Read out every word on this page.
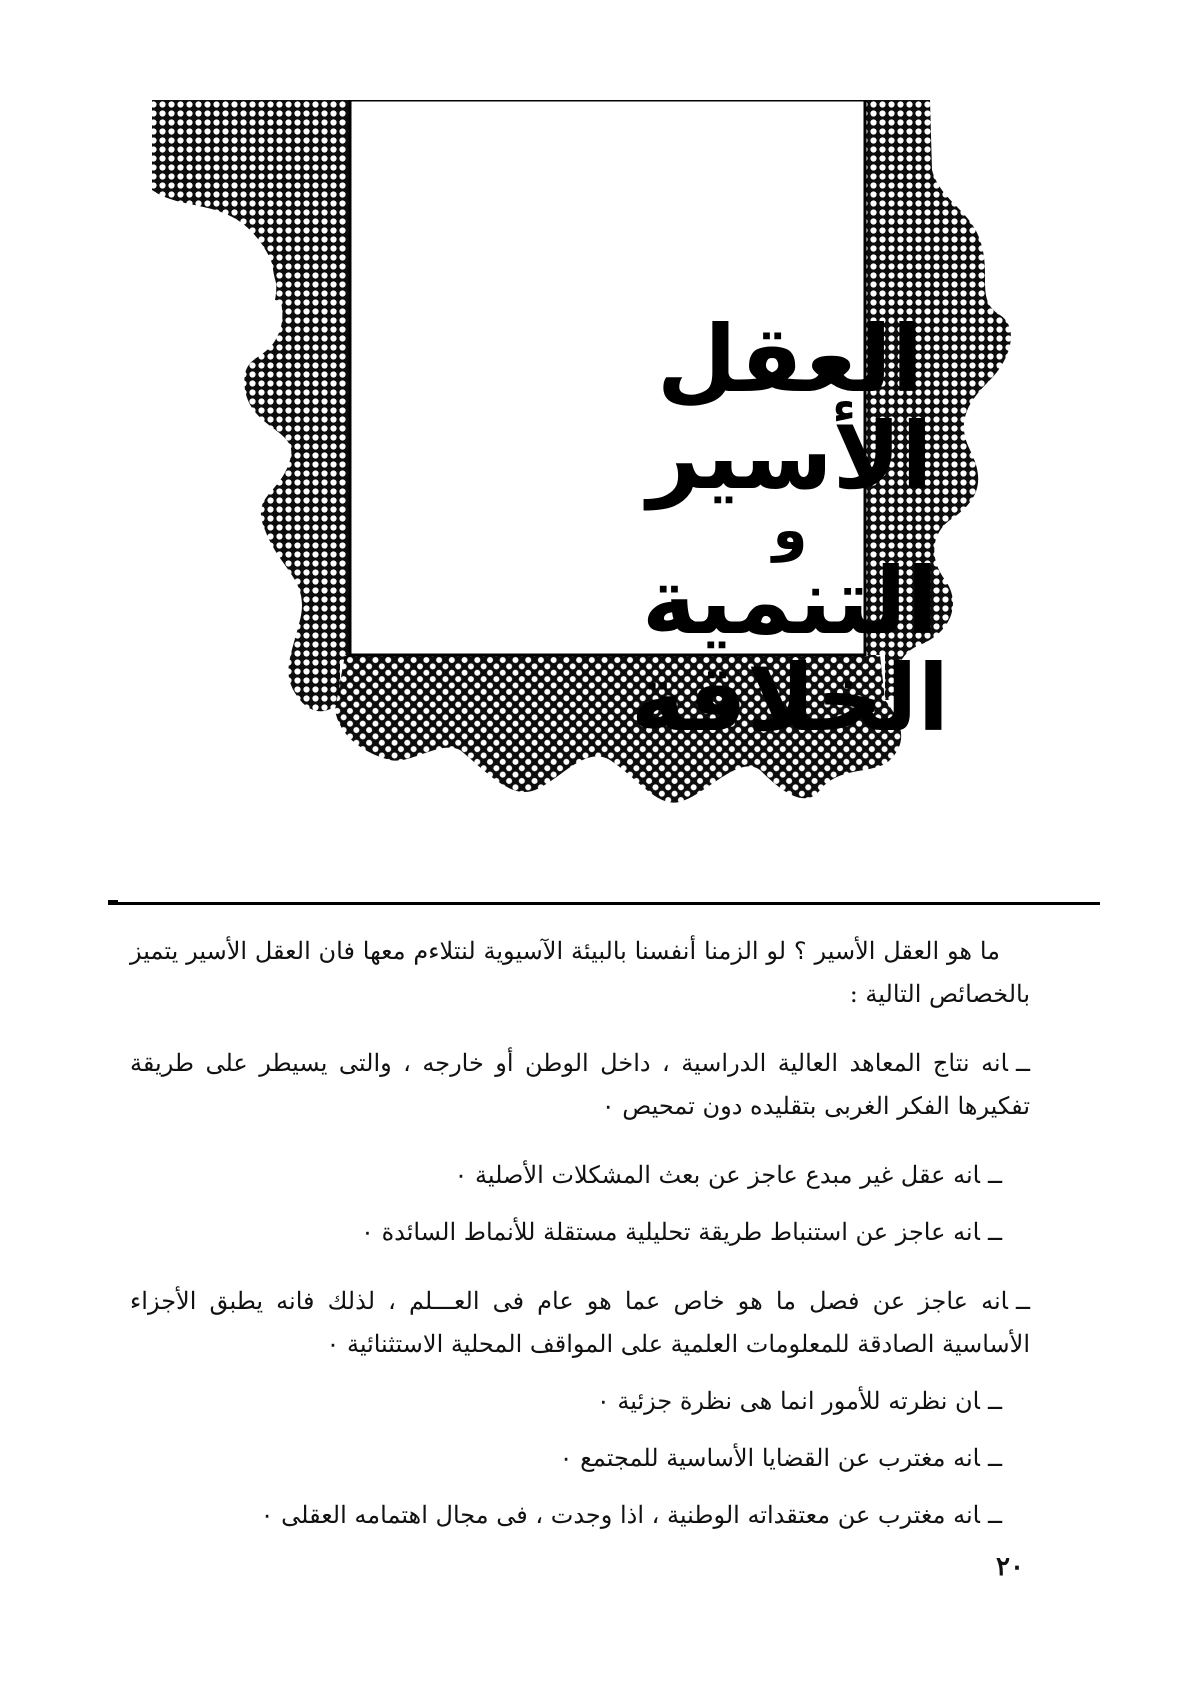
العقل الأسير
و
التنمية الخلاقة

ما هو العقل الأسير ؟ لو الزمنا أنفسنا بالبيئة الآسيوية لنتلاءم معها فان العقل الأسير يتميز بالخصائص التالية :

ــانه نتاج المعاهد العالية الدراسية ، داخل الوطن أو خارجه ، والتى يسيطر على طريقة تفكيرها الفكر الغربى بتقليده دون تمحيص ٠

ــانه عقل غير مبدع عاجز عن بعث المشكلات الأصلية ٠

ــانه عاجز عن استنباط طريقة تحليلية مستقلة للأنماط السائدة ٠

ــانه عاجز عن فصل ما هو خاص عما هو عام فى العـــلم ، لذلك فانه يطبق الأجزاء الأساسية الصادقة للمعلومات العلمية على المواقف المحلية الاستثنائية ٠

ــان نظرته للأمور انما هى نظرة جزئية ٠

ــانه مغترب عن القضايا الأساسية للمجتمع ٠

ــانه مغترب عن معتقداته الوطنية ، اذا وجدت ، فى مجال اهتمامه العقلى ٠

٢٠
